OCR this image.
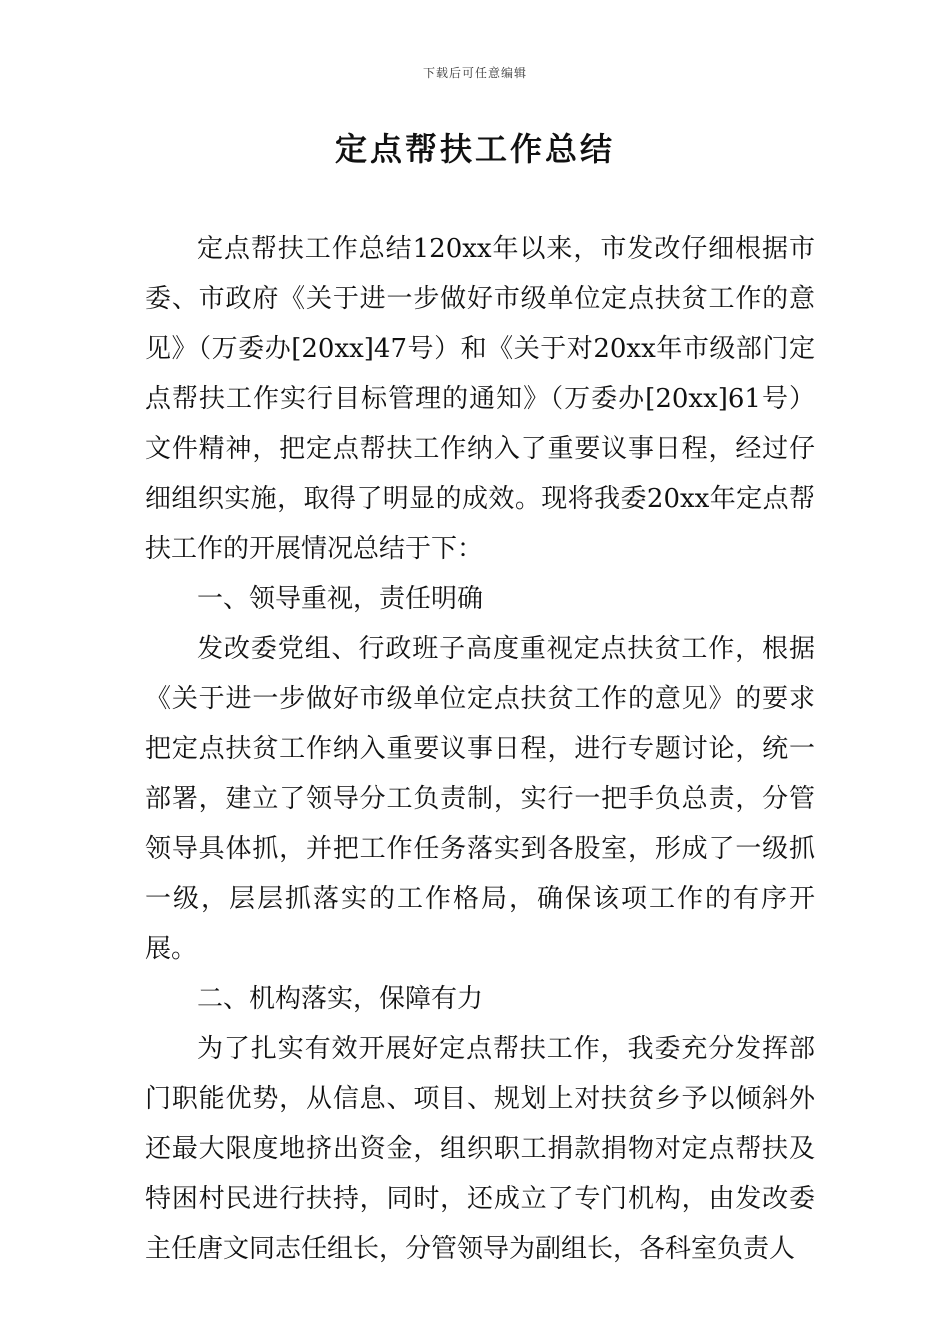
下载后可任意编辑
定点帮扶工作总结

定点帮扶工作总结120xx年以来，市发改仔细根据市委、市政府《关于进一步做好市级单位定点扶贫工作的意见》（万委办[20xx]47号）和《关于对20xx年市级部门定点帮扶工作实行目标管理的通知》（万委办[20xx]61号）文件精神，把定点帮扶工作纳入了重要议事日程，经过仔细组织实施，取得了明显的成效。现将我委20xx年定点帮扶工作的开展情况总结于下：

一、领导重视，责任明确

发改委党组、行政班子高度重视定点扶贫工作，根据《关于进一步做好市级单位定点扶贫工作的意见》的要求把定点扶贫工作纳入重要议事日程，进行专题讨论，统一部署，建立了领导分工负责制，实行一把手负总责，分管领导具体抓，并把工作任务落实到各股室，形成了一级抓一级，层层抓落实的工作格局，确保该项工作的有序开展。

二、机构落实，保障有力

为了扎实有效开展好定点帮扶工作，我委充分发挥部门职能优势，从信息、项目、规划上对扶贫乡予以倾斜外还最大限度地挤出资金，组织职工捐款捐物对定点帮扶及特困村民进行扶持，同时，还成立了专门机构，由发改委主任唐文同志任组长，分管领导为副组长，各科室负责人
